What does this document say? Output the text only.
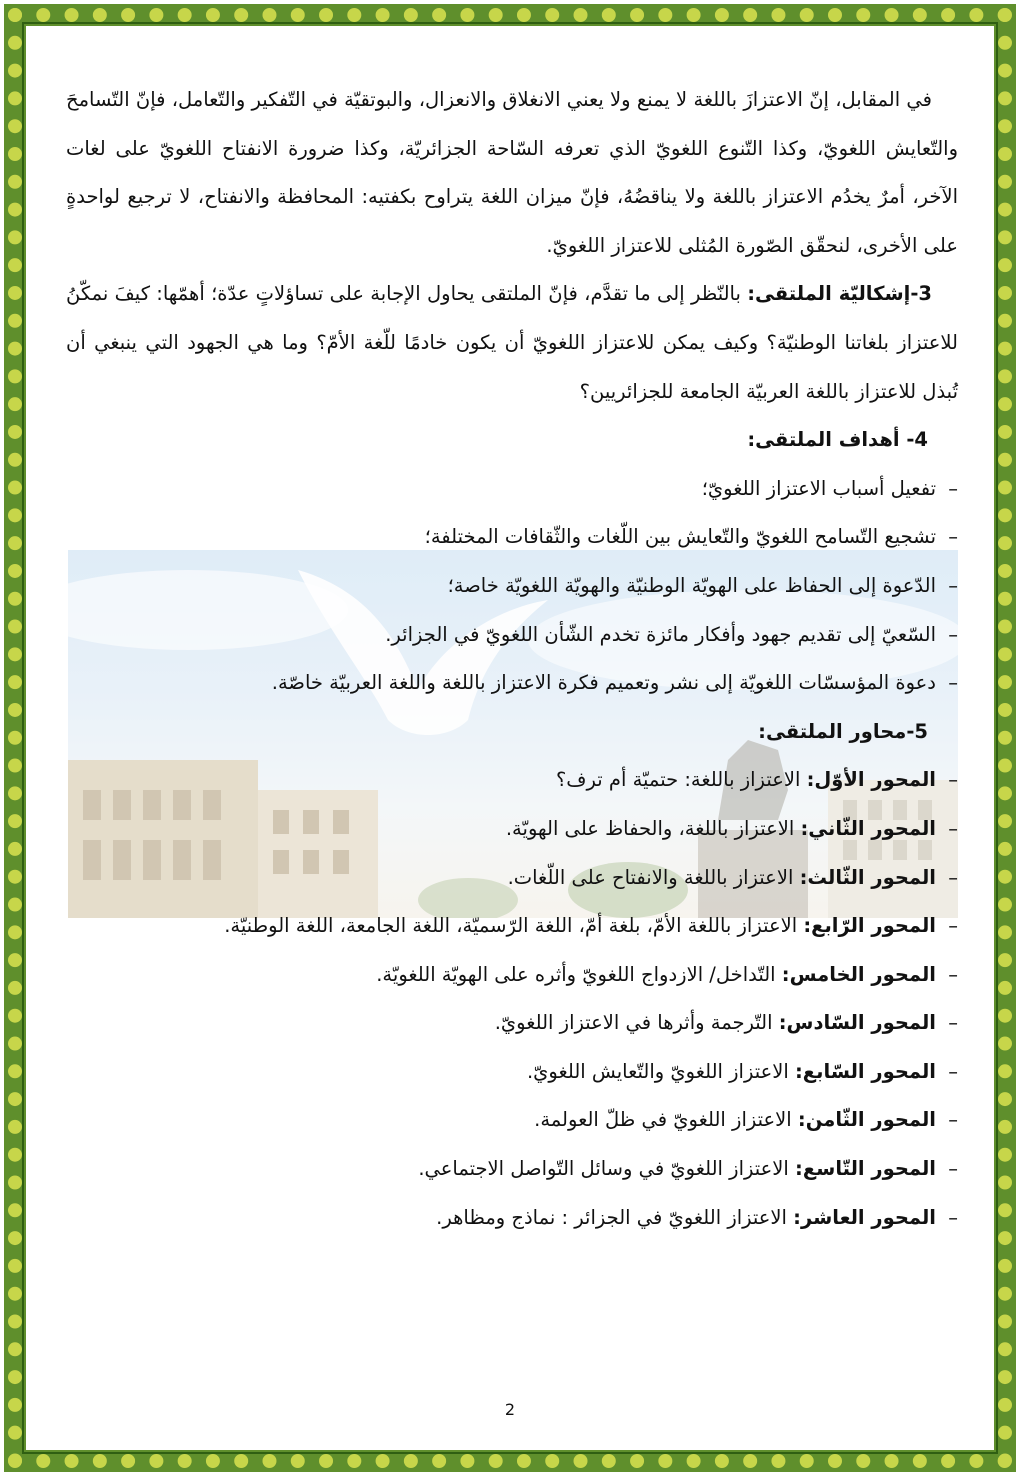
في المقابل، إنّ الاعتزازَ باللغة لا يمنع ولا يعني الانغلاق والانعزال، والبوتقيّة في التّفكير والتّعامل، فإنّ التّسامحَ والتّعايش اللغويّ، وكذا التّنوع اللغويّ الذي تعرفه السّاحة الجزائريّة، وكذا ضرورة الانفتاح اللغويّ على لغات الآخر، أمرٌ يخدُم الاعتزاز باللغة ولا يناقضُهُ، فإنّ ميزان اللغة يتراوح بكفتيه: المحافظة والانفتاح، لا ترجيع لواحدةٍ على الأخرى، لنحقّق الصّورة المُثلى للاعتزاز اللغويّ.

3-إشكاليّة الملتقى: بالنّظر إلى ما تقدَّم، فإنّ الملتقى يحاول الإجابة على تساؤلاتٍ عدّة؛ أهمّها: كيفَ نمكّنُ للاعتزاز بلغاتنا الوطنيّة؟ وكيف يمكن للاعتزاز اللغويّ أن يكون خادمًا للّغة الأمّ؟ وما هي الجهود التي ينبغي أن تُبذل للاعتزاز باللغة العربيّة الجامعة للجزائريين؟

4- أهداف الملتقى:

–تفعيل أسباب الاعتزاز اللغويّ؛

–تشجيع التّسامح اللغويّ والتّعايش بين اللّغات والثّقافات المختلفة؛

–الدّعوة إلى الحفاظ على الهويّة الوطنيّة والهويّة اللغويّة خاصة؛

–السّعيّ إلى تقديم جهود وأفكار مائزة تخدم الشّأن اللغويّ في الجزائر.

–دعوة المؤسسّات اللغويّة إلى نشر وتعميم فكرة الاعتزاز باللغة واللغة العربيّة خاصّة.

5-محاور الملتقى:

–المحور الأوّل: الاعتزاز باللغة: حتميّة أم ترف؟

–المحور الثّاني: الاعتزاز باللغة، والحفاظ على الهويّة.

–المحور الثّالث: الاعتزاز باللغة والانفتاح على اللّغات.

–المحور الرّابع: الاعتزاز باللغة الأمّ، بلغة أمّ، اللغة الرّسميّة، اللغة الجامعة، اللغة الوطنيّة.

–المحور الخامس: التّداخل/ الازدواج اللغويّ وأثره على الهويّة اللغويّة.

–المحور السّادس: التّرجمة وأثرها في الاعتزاز اللغويّ.

–المحور السّابع: الاعتزاز اللغويّ والتّعايش اللغويّ.

–المحور الثّامن: الاعتزاز اللغويّ في ظلّ العولمة.

–المحور التّاسع: الاعتزاز اللغويّ في وسائل التّواصل الاجتماعي.

–المحور العاشر: الاعتزاز اللغويّ في الجزائر : نماذج ومظاهر.

2
